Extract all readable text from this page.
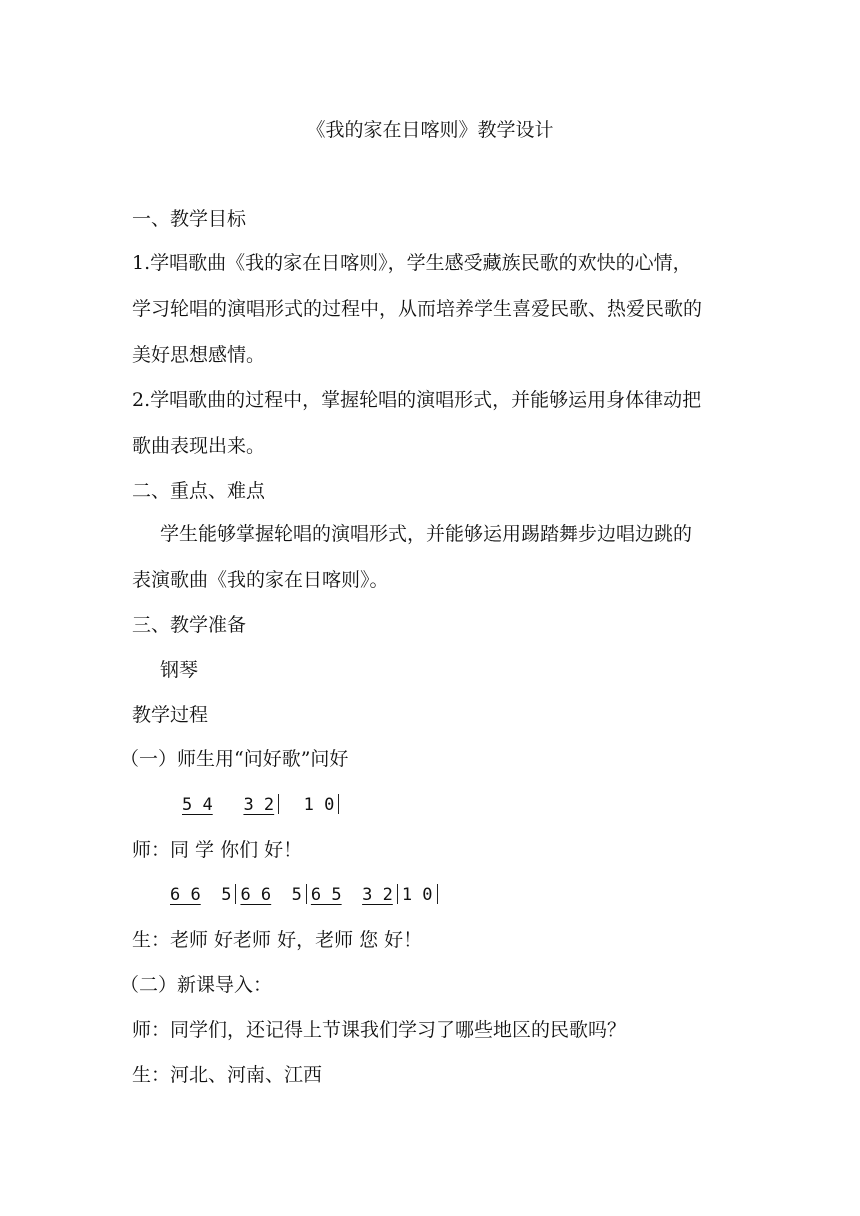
《我的家在日喀则》教学设计
一、教学目标
1.学唱歌曲《我的家在日喀则》，学生感受藏族民歌的欢快的心情，
学习轮唱的演唱形式的过程中，从而培养学生喜爱民歌、热爱民歌的
美好思想感情。
2.学唱歌曲的过程中，掌握轮唱的演唱形式，并能够运用身体律动把
歌曲表现出来。
二、重点、难点
学生能够掌握轮唱的演唱形式，并能够运用踢踏舞步边唱边跳的
表演歌曲《我的家在日喀则》。
三、教学准备
钢琴
教学过程
（一）师生用“问好歌”问好
5 4 3 2 1 0
师：同 学 你们 好！
6 6 5 6 6 5 6 5 3 2 1 0
生：老师 好老师 好，老师 您 好！
（二）新课导入：
师：同学们，还记得上节课我们学习了哪些地区的民歌吗？
生：河北、河南、江西
